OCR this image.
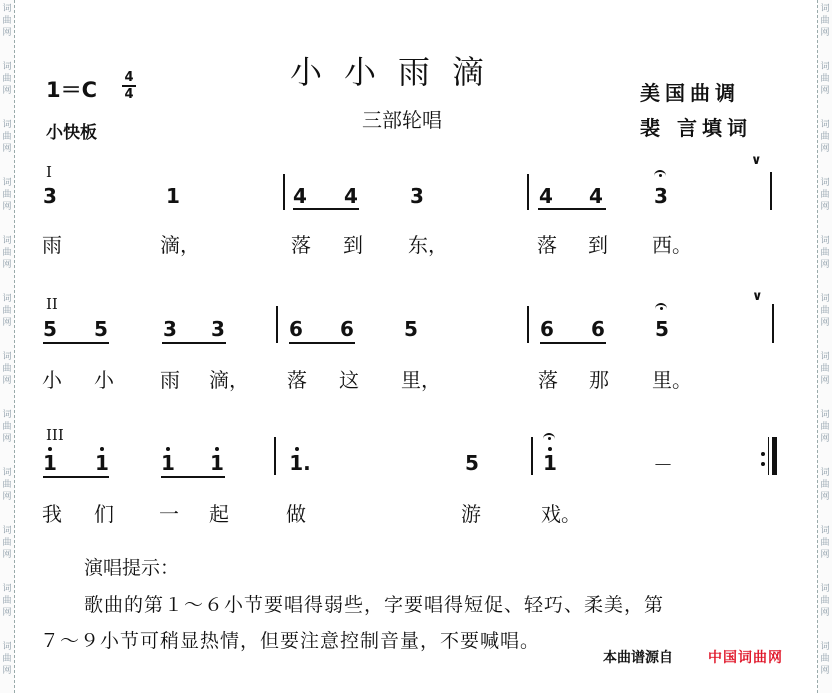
词
曲
网
词
曲
网
词
曲
网
词
曲
网
词
曲
网
词
曲
网
词
曲
网
词
曲
网
词
曲
网
词
曲
网
词
曲
网
词
曲
网
词
曲
网
词
曲
网
词
曲
网
词
曲
网
词
曲
网
词
曲
网
词
曲
网
词
曲
网
词
曲
网
词
曲
网
词
曲
网
词
曲
网
小小雨滴
三部轮唱
1＝C
4
4
小快板
美国曲调
裴 言填词
I
3	1	4 4	3	4 4	3
∨
雨	滴，	落 到 东，	落 到 西。
II
5 5	3 3	6 6	5	6 6	5
∨
小 小 雨 滴， 落 这 里，	落 那 里。
III
1 1	1 1	1.	5	1	－
我 们 一 起	做	游	戏。
演唱提示：
歌曲的第１～６小节要唱得弱些，字要唱得短促、轻巧、柔美，第
７～９小节可稍显热情，但要注意控制音量，不要喊唱。
本曲谱源自	中国词曲网
